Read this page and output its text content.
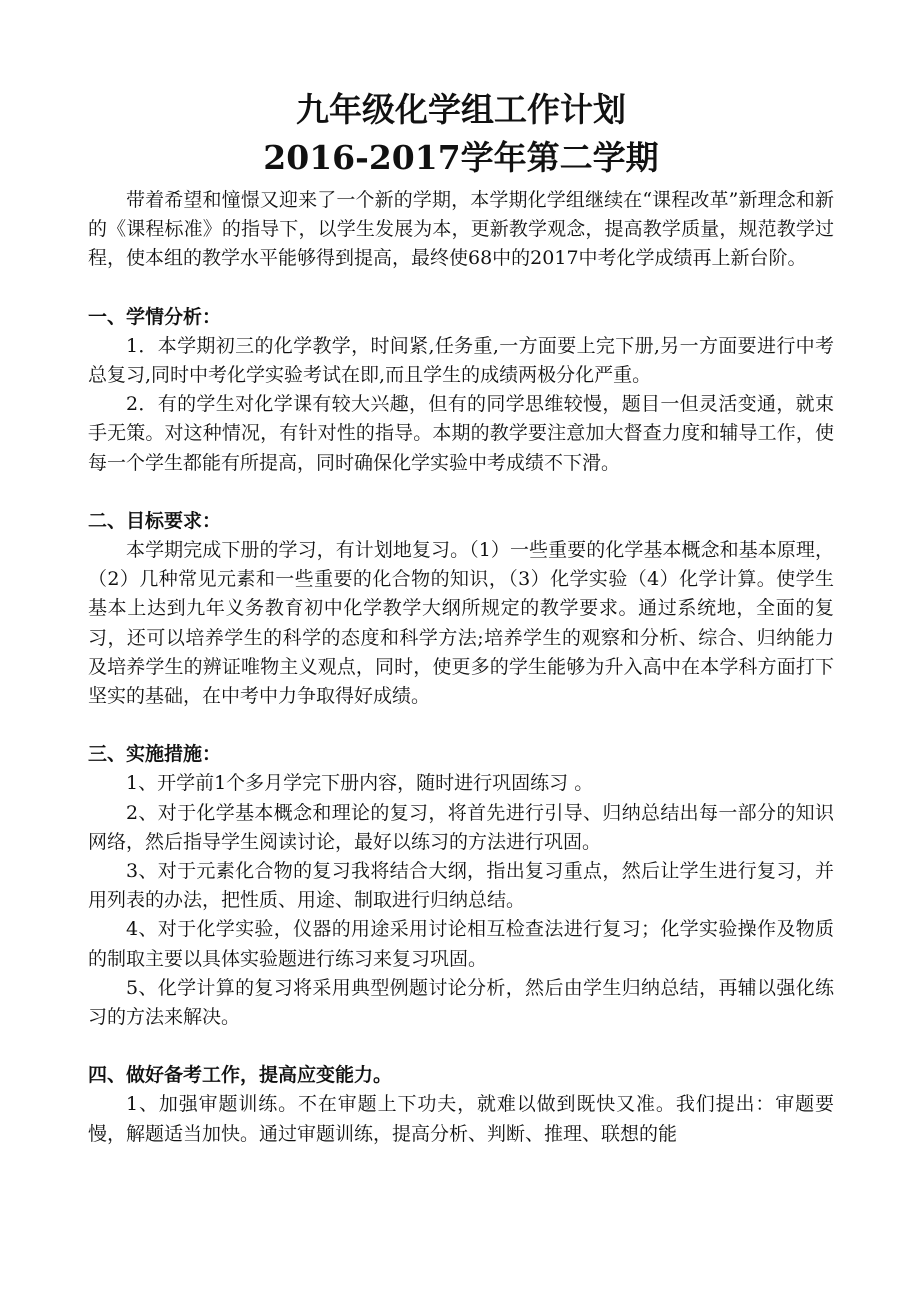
九年级化学组工作计划
2016-2017学年第二学期

带着希望和憧憬又迎来了一个新的学期，本学期化学组继续在“课程改革”新理念和新的《课程标准》的指导下，以学生发展为本，更新教学观念，提高教学质量，规范教学过程，使本组的教学水平能够得到提高，最终使68中的2017中考化学成绩再上新台阶。

一、学情分析：

1．本学期初三的化学教学，时间紧,任务重,一方面要上完下册,另一方面要进行中考总复习,同时中考化学实验考试在即,而且学生的成绩两极分化严重。

2．有的学生对化学课有较大兴趣，但有的同学思维较慢，题目一但灵活变通，就束手无策。对这种情况，有针对性的指导。本期的教学要注意加大督查力度和辅导工作，使每一个学生都能有所提高，同时确保化学实验中考成绩不下滑。

二、目标要求：

本学期完成下册的学习，有计划地复习。（1）一些重要的化学基本概念和基本原理，（2）几种常见元素和一些重要的化合物的知识，（3）化学实验（4）化学计算。使学生基本上达到九年义务教育初中化学教学大纲所规定的教学要求。通过系统地，全面的复习，还可以培养学生的科学的态度和科学方法;培养学生的观察和分析、综合、归纳能力及培养学生的辨证唯物主义观点，同时，使更多的学生能够为升入高中在本学科方面打下坚实的基础，在中考中力争取得好成绩。

三、实施措施：

1、开学前1个多月学完下册内容，随时进行巩固练习 。

2、对于化学基本概念和理论的复习，将首先进行引导、归纳总结出每一部分的知识网络，然后指导学生阅读讨论，最好以练习的方法进行巩固。

3、对于元素化合物的复习我将结合大纲，指出复习重点，然后让学生进行复习，并用列表的办法，把性质、用途、制取进行归纳总结。

4、对于化学实验，仪器的用途采用讨论相互检查法进行复习；化学实验操作及物质的制取主要以具体实验题进行练习来复习巩固。

5、化学计算的复习将采用典型例题讨论分析，然后由学生归纳总结，再辅以强化练习的方法来解决。

四、做好备考工作，提高应变能力。

1、加强审题训练。不在审题上下功夫，就难以做到既快又准。我们提出：审题要慢，解题适当加快。通过审题训练，提高分析、判断、推理、联想的能
